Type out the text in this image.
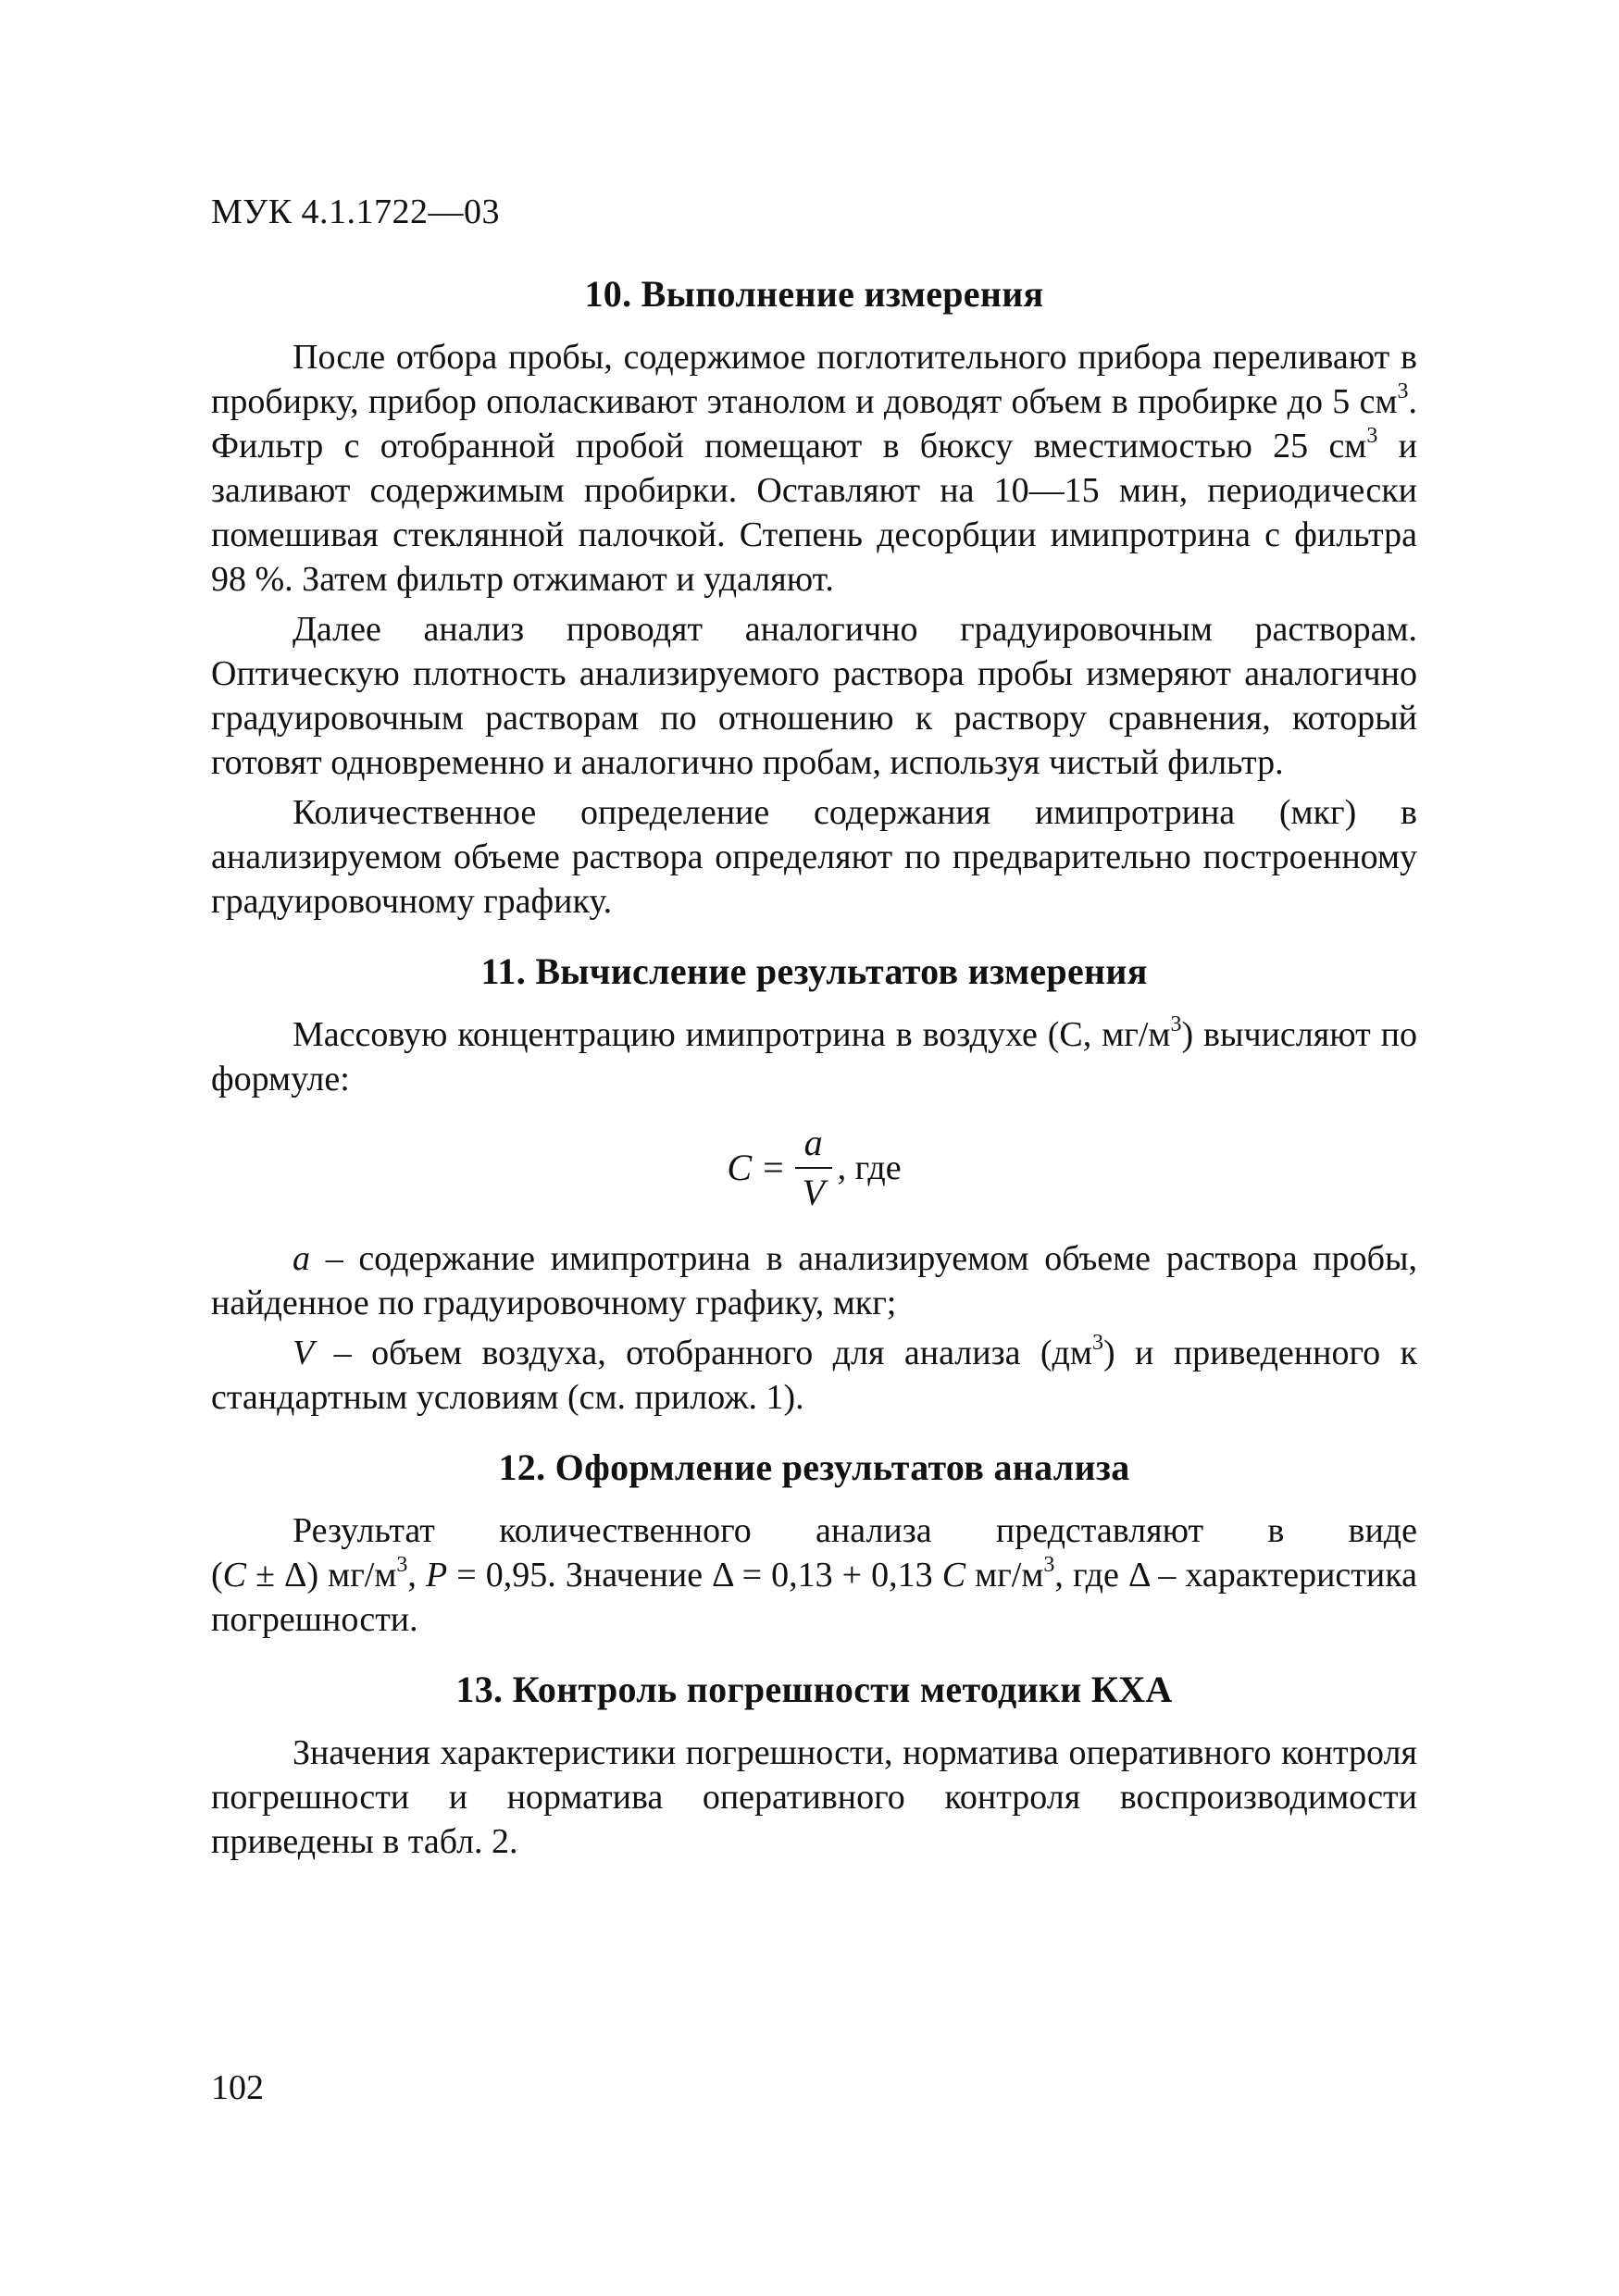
МУК 4.1.1722—03
10. Выполнение измерения

После отбора пробы, содержимое поглотительного прибора переливают в пробирку, прибор ополаскивают этанолом и доводят объем в пробирке до 5 $см^3$. Фильтр с отобранной пробой помещают в бюксу вместимостью 25 $см^3$ и заливают содержимым пробирки. Оставляют на 10—15 мин, периодически помешивая стеклянной палочкой. Степень десорбции имипротрина с фильтра 98 %. Затем фильтр отжимают и удаляют.

Далее анализ проводят аналогично градуировочным растворам. Оптическую плотность анализируемого раствора пробы измеряют аналогично градуировочным растворам по отношению к раствору сравнения, который готовят одновременно и аналогично пробам, используя чистый фильтр.

Количественное определение содержания имипротрина (мкг) в анализируемом объеме раствора определяют по предварительно построенному градуировочному графику.

11. Вычисление результатов измерения

Массовую концентрацию имипротрина в воздухе (С, $мг/м^3$) вычисляют по формуле:

$C = \frac{a}{V}$ , где

a – содержание имипротрина в анализируемом объеме раствора пробы, найденное по градуировочному графику, мкг;

V – объем воздуха, отобранного для анализа $(дм^3)$ и приведенного к стандартным условиям (см. прилож. 1).

12. Оформление результатов анализа

Результат количественного анализа представляют в виде

(C ± Δ) $мг/м^3$, P = 0,95. Значение Δ = 0,13 + 0,13 C $мг/м^3$, где Δ – характеристика погрешности.

13. Контроль погрешности методики КХА

Значения характеристики погрешности, норматива оперативного контроля погрешности и норматива оперативного контроля воспроизводимости приведены в табл. 2.

102
